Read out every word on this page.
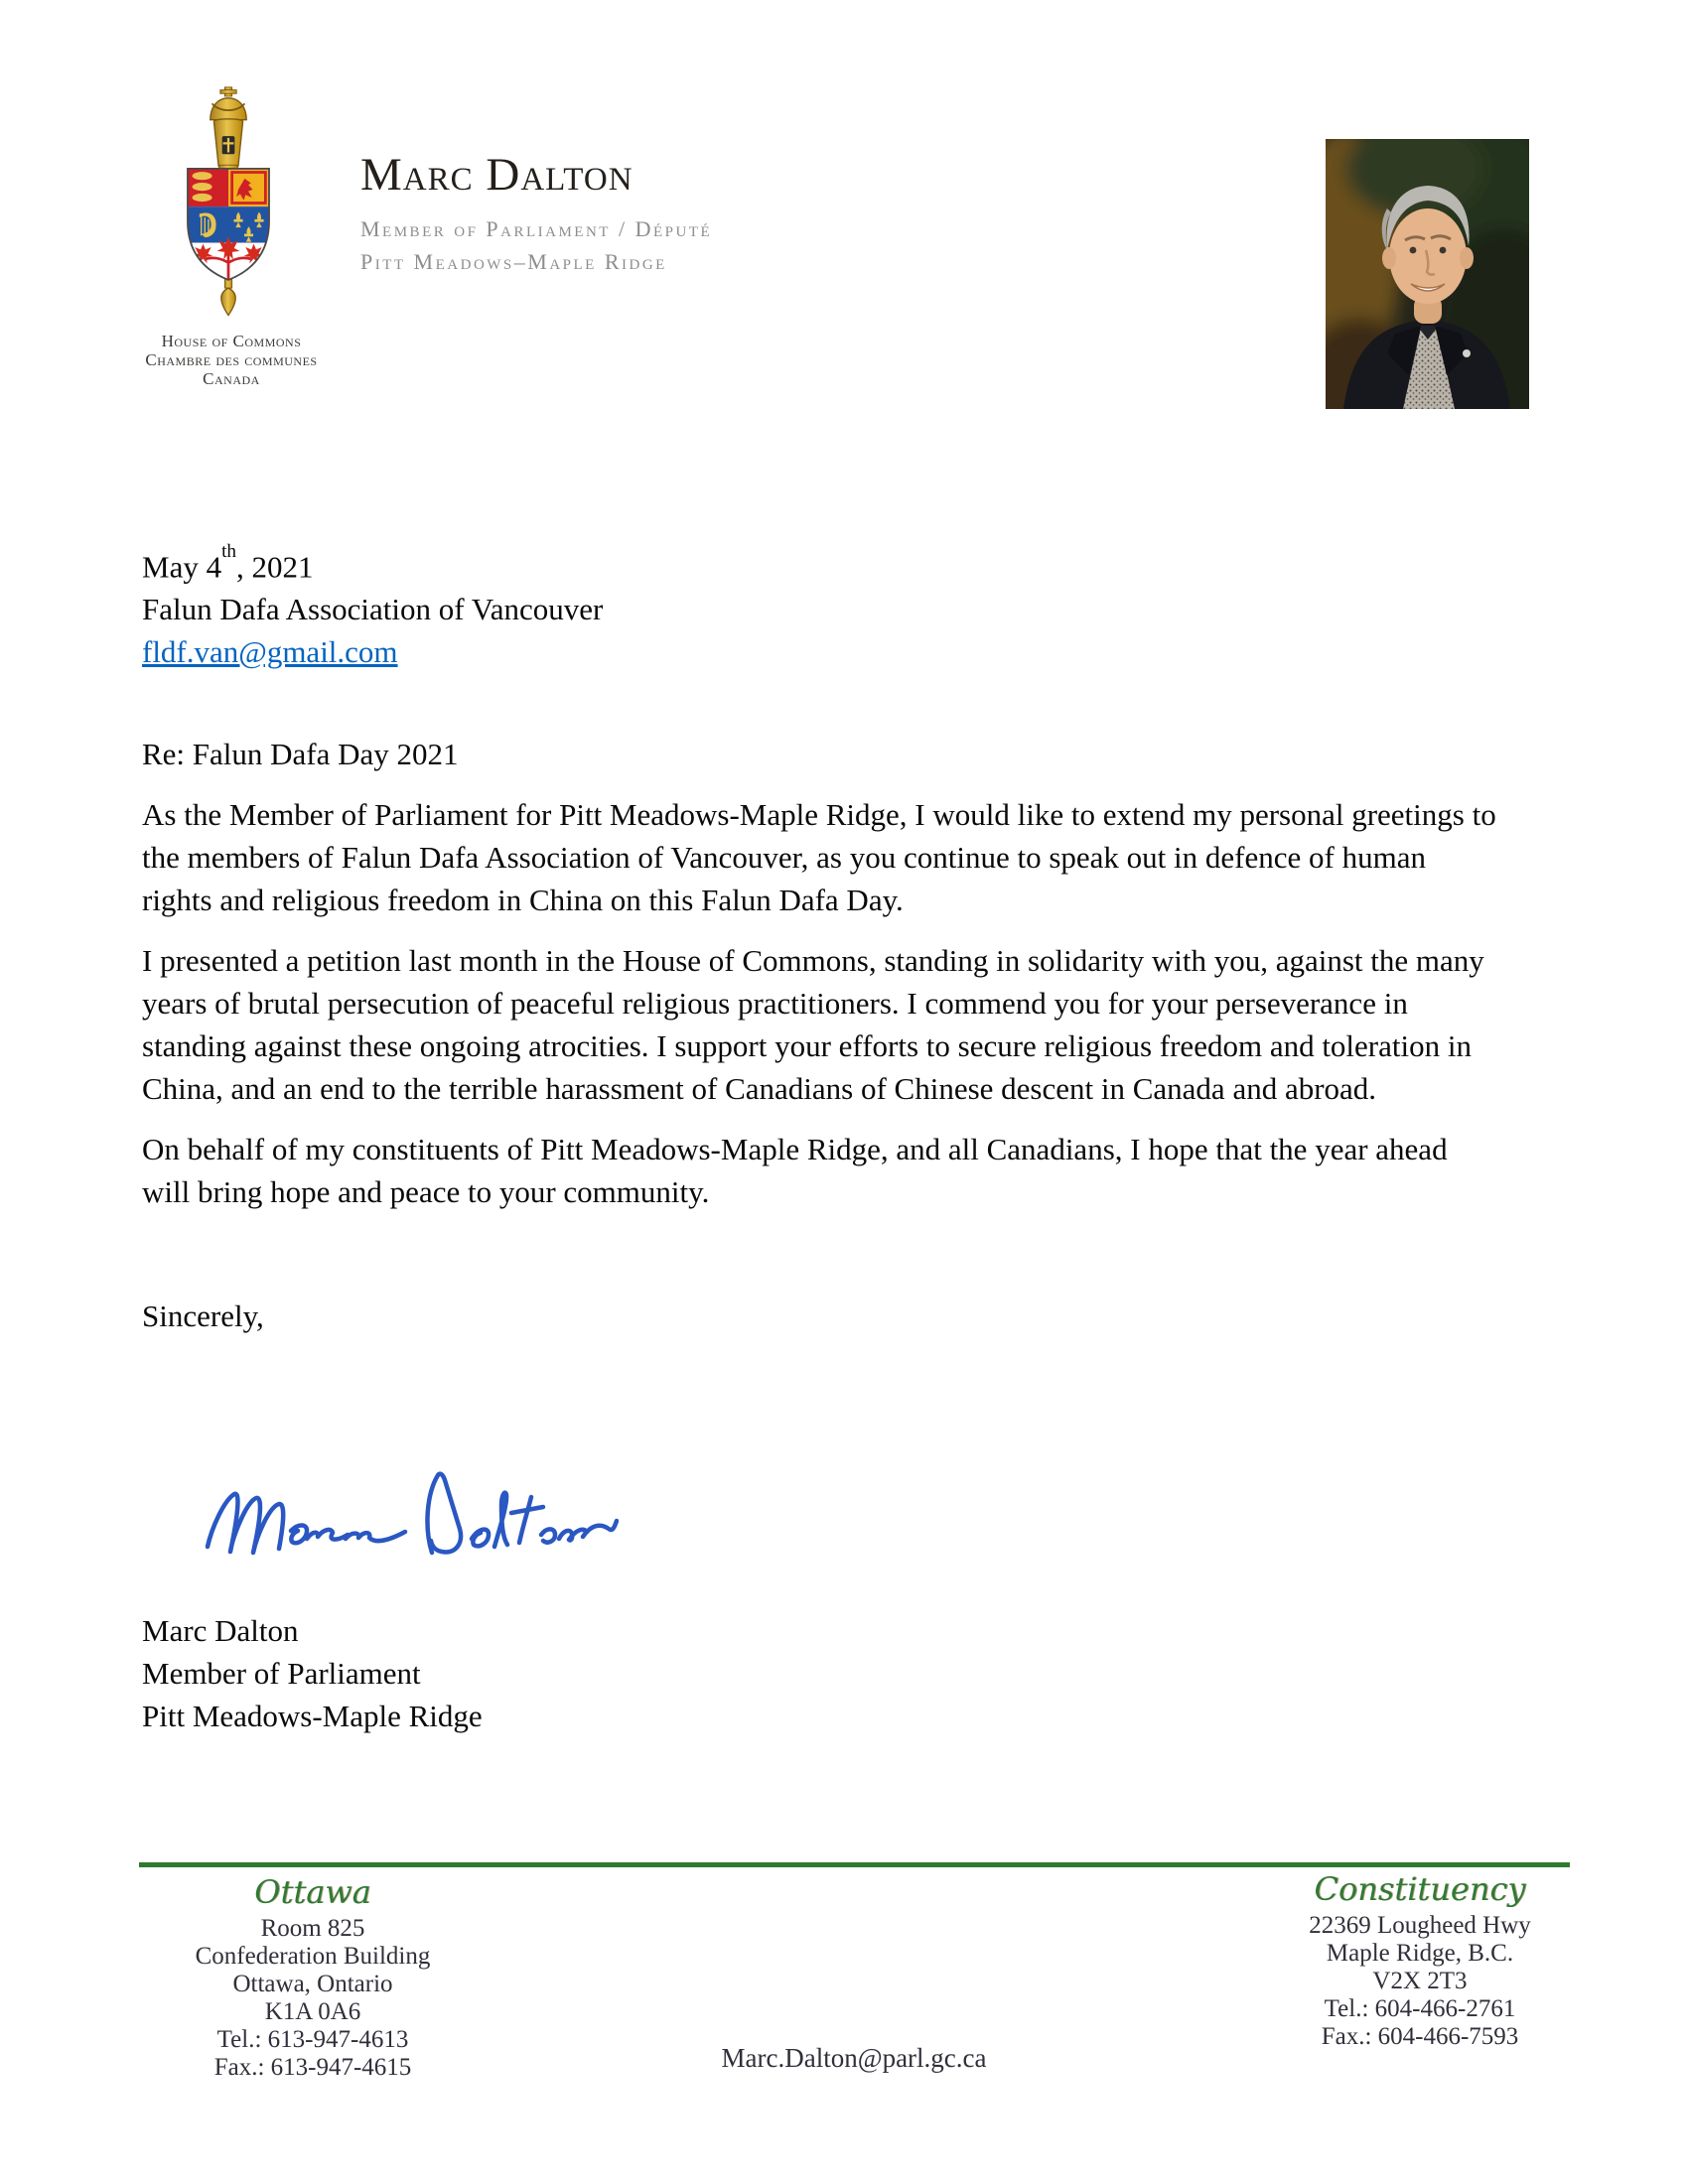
House of Commons
Chambre des communes
Canada
Marc Dalton
Member of Parliament / Député
Pitt Meadows–Maple Ridge

May 4th, 2021

Falun Dafa Association of Vancouver

fldf.van@gmail.com

Re: Falun Dafa Day 2021

As the Member of Parliament for Pitt Meadows-Maple Ridge, I would like to extend my personal greetings to the members of Falun Dafa Association of Vancouver, as you continue to speak out in defence of human rights and religious freedom in China on this Falun Dafa Day.

I presented a petition last month in the House of Commons, standing in solidarity with you, against the many years of brutal persecution of peaceful religious practitioners. I commend you for your perseverance in standing against these ongoing atrocities. I support your efforts to secure religious freedom and toleration in China, and an end to the terrible harassment of Canadians of Chinese descent in Canada and abroad.

On behalf of my constituents of Pitt Meadows-Maple Ridge, and all Canadians, I hope that the year ahead will bring hope and peace to your community.

Sincerely,

Marc Dalton
Member of Parliament
Pitt Meadows-Maple Ridge
Ottawa
Room 825
Confederation Building
Ottawa, Ontario
K1A 0A6
Tel.: 613-947-4613
Fax.: 613-947-4615
Constituency
22369 Lougheed Hwy
Maple Ridge, B.C.
V2X 2T3
Tel.: 604-466-2761
Fax.: 604-466-7593
Marc.Dalton@parl.gc.ca
